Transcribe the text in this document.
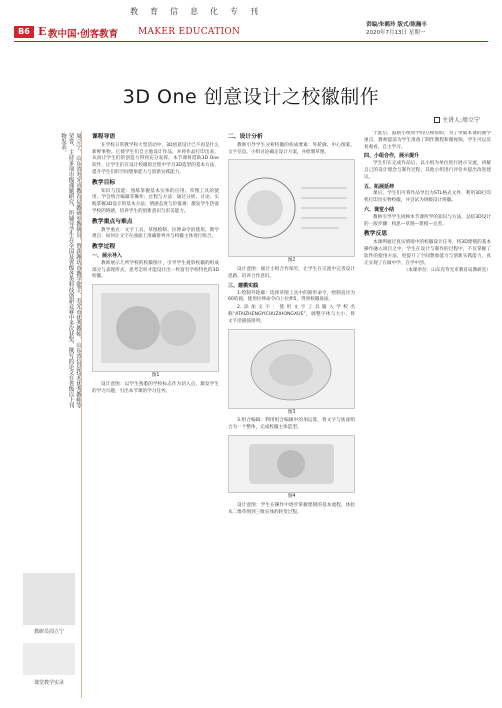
教育信息化专刊
B6 E 教中国·创客教育 MAKER EDUCATION
责编/朱鹤玲 版式/陈瀚丰
2020年7月13日 星期一
3D One 创意设计之校徽制作
主讲人:周立宁
周立宁，山东省寿光市教育局教研室教研员，曾获潍坊市教学能手、寿光市优秀教师、山东省信息技术优秀教师等荣誉，主持多项市级课题研究，所辅导学生在全国及省级各类科技创新竞赛中多次获奖，撰写的论文在省级以上刊物发表。
教研员周立宁
课堂教学实录
课程导语

在学校日常教学和大型活动中，3D创意设计已不再是什么新鲜事物。它使学生们自主地设计作品，并将作品打印出来，从而让学生们的创造力得到充分发挥。本节课将借助3D One软件，让学生们在设计校徽的过程中学习3D造型的基本方法，提升学生们的空间想象能力与创新实践能力。

教学目标

知识与技能：熟练掌握基本实体的应用、草图工具的使用，学会组合编辑等操作；过程与方法：通过分析、讨论、实践掌握3D设计的基本方法；情感态度与价值观：激发学生热爱学校的情感，培养学生的创新意识与审美能力。

教学重点与难点

教学重点：文字工具、草图绘制、拉伸命令的使用。教学难点：如何让文字在曲面上准确排列并与校徽主体进行组合。

教学过程
一、展示导入

教师展示几所学校的校徽图片，引导学生观察校徽的组成部分与表现形式，思考怎样才能设计出一枚富有学校特色的3D校徽。

图1

设计意图：以学生熟悉的学校标志作为切入点，激发学生的学习兴趣，引出本节课的学习任务。

二、设计分析

教师引导学生分析校徽的构成要素：外轮廓、中心图案、文字信息。小组讨论确定设计方案，并绘制草图。

图2

设计意图：通过小组合作探究，让学生在交流中完善设计思路，培养合作意识。

三、建模实践

1.绘制外轮廓：选择草图工具中的圆形命令，绘制直径为60的圆，使用拉伸命令向上拉伸5，得到校徽底座。

2.添加文字：使用文字工具输入学校名称“ATAIZHENGYICHUZIHONGXUE”，调整字体与大小，将文字沿圆弧排列。

图3

3.组合编辑：利用组合编辑中的加运算，将文字与底座组合为一个整体，完成校徽主体造型。

图4

设计意图：学生在操作中逐步掌握建模的基本流程，体验从二维草图到三维实体的转变过程。

于此后，鼓励小组同学间互相帮助，为了突破本课的教学重点，教师提前为学生准备了制作教程和微视频，学生可以反复观看、自主学习。

四、小组合作，展示提升

学生们在完成作品后，以小组为单位进行展示交流，讲解自己的设计理念与制作过程，其他小组进行评价并提出改进建议。

五、拓展延伸

课后，学生们可将作品导出为STL格式文件，利用3D打印机打印出实物校徽，并尝试为班级设计班徽。

六、课堂小结

教师引导学生回顾本节课所学的知识与方法，总结3D设计的一般步骤：构思—草图—建模—完善。

教学反思

本课例通过真实情境中的校徽设计任务，将3D建模的基本操作融入项目之中，学生在设计与制作的过程中，不仅掌握了软件的使用方法，更提升了空间想象能力与创新实践能力，真正实现了在做中学、在学中创。

（本课单位：山东省寿光市教育局教研室）
